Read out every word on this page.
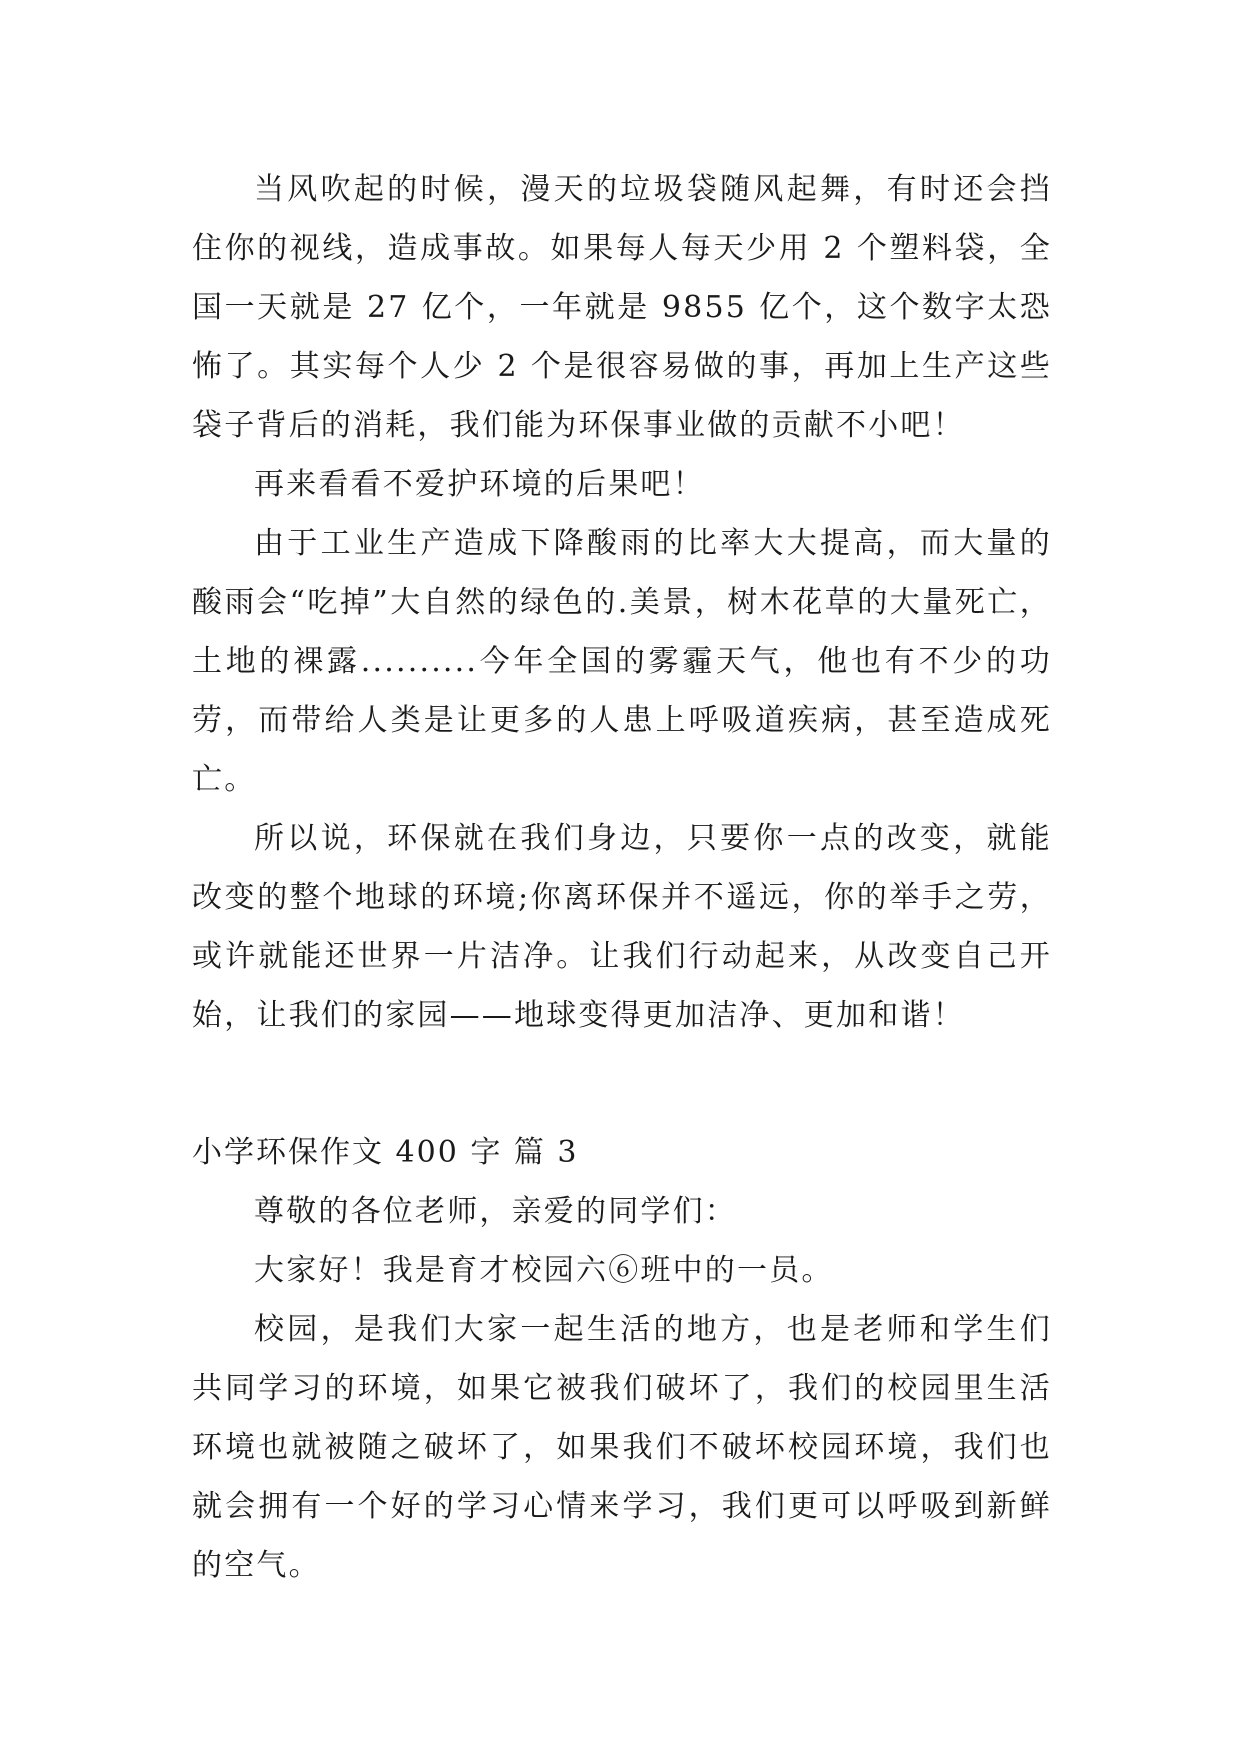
当风吹起的时候，漫天的垃圾袋随风起舞，有时还会挡住你的视线，造成事故。如果每人每天少用 2 个塑料袋，全国一天就是 27 亿个，一年就是 9855 亿个，这个数字太恐怖了。其实每个人少 2 个是很容易做的事，再加上生产这些袋子背后的消耗，我们能为环保事业做的贡献不小吧！

再来看看不爱护环境的后果吧！

由于工业生产造成下降酸雨的比率大大提高，而大量的酸雨会“吃掉”大自然的绿色的.美景，树木花草的大量死亡，土地的裸露..........今年全国的雾霾天气，他也有不少的功劳，而带给人类是让更多的人患上呼吸道疾病，甚至造成死亡。

所以说，环保就在我们身边，只要你一点的改变，就能改变的整个地球的环境;你离环保并不遥远，你的举手之劳，或许就能还世界一片洁净。让我们行动起来，从改变自己开始，让我们的家园——地球变得更加洁净、更加和谐！

小学环保作文 400 字 篇 3

尊敬的各位老师，亲爱的同学们：

大家好！我是育才校园六⑥班中的一员。

校园，是我们大家一起生活的地方，也是老师和学生们共同学习的环境，如果它被我们破坏了，我们的校园里生活环境也就被随之破坏了，如果我们不破坏校园环境，我们也就会拥有一个好的学习心情来学习，我们更可以呼吸到新鲜的空气。
